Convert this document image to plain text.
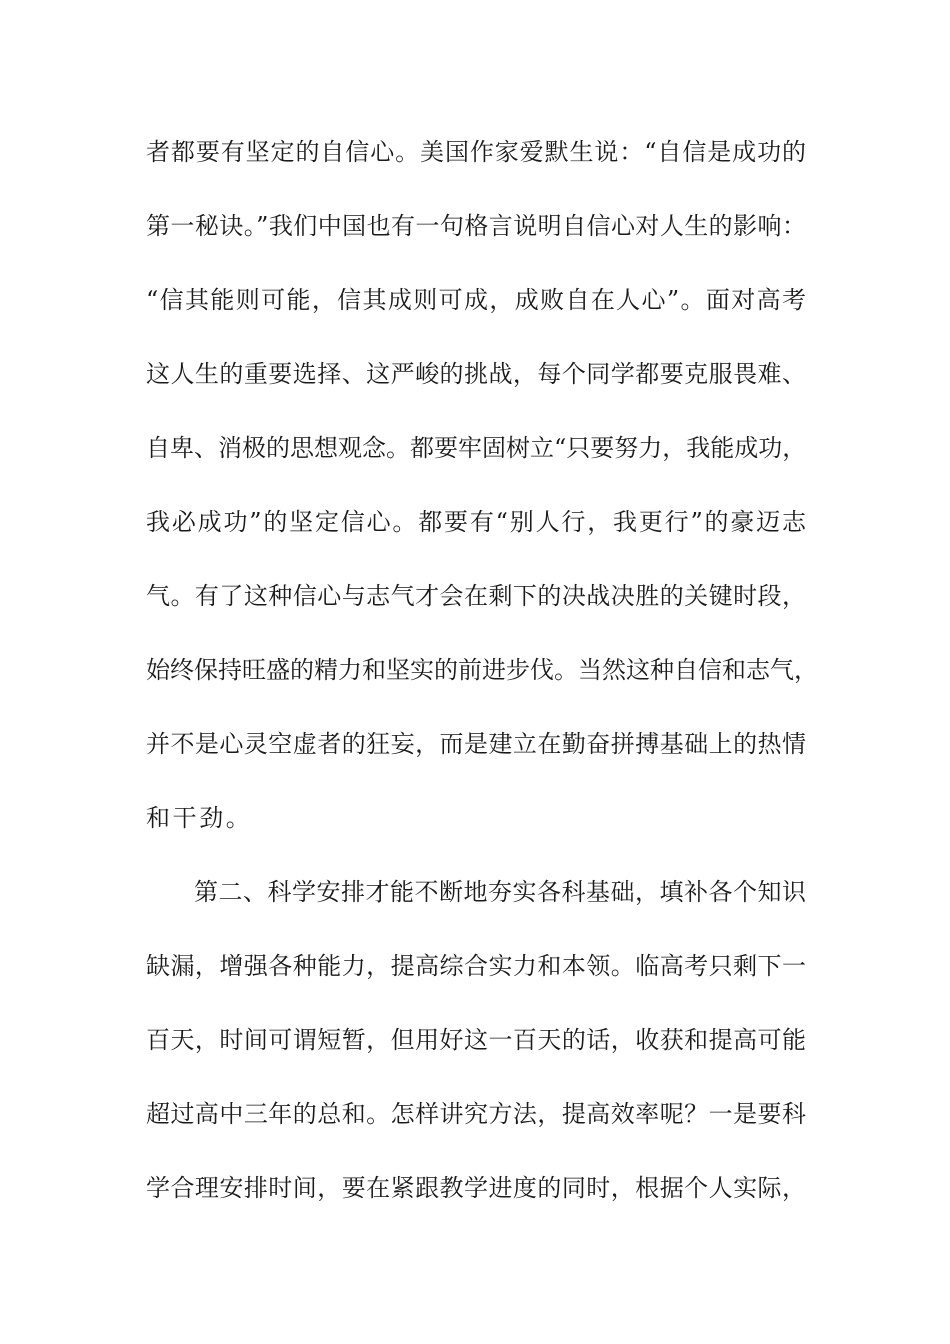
者都要有坚定的自信心。美国作家爱默生说：“自信是成功的
第一秘诀。”我们中国也有一句格言说明自信心对人生的影响：
“信其能则可能，信其成则可成，成败自在人心”。面对高考
这人生的重要选择、这严峻的挑战，每个同学都要克服畏难、
自卑、消极的思想观念。都要牢固树立“只要努力，我能成功，
我必成功”的坚定信心。都要有“别人行，我更行”的豪迈志
气。有了这种信心与志气才会在剩下的决战决胜的关键时段，
始终保持旺盛的精力和坚实的前进步伐。当然这种自信和志气，
并不是心灵空虚者的狂妄，而是建立在勤奋拼搏基础上的热情
和干劲。
第二、科学安排才能不断地夯实各科基础，填补各个知识
缺漏，增强各种能力，提高综合实力和本领。临高考只剩下一
百天，时间可谓短暂，但用好这一百天的话，收获和提高可能
超过高中三年的总和。怎样讲究方法，提高效率呢？一是要科
学合理安排时间，要在紧跟教学进度的同时，根据个人实际，
